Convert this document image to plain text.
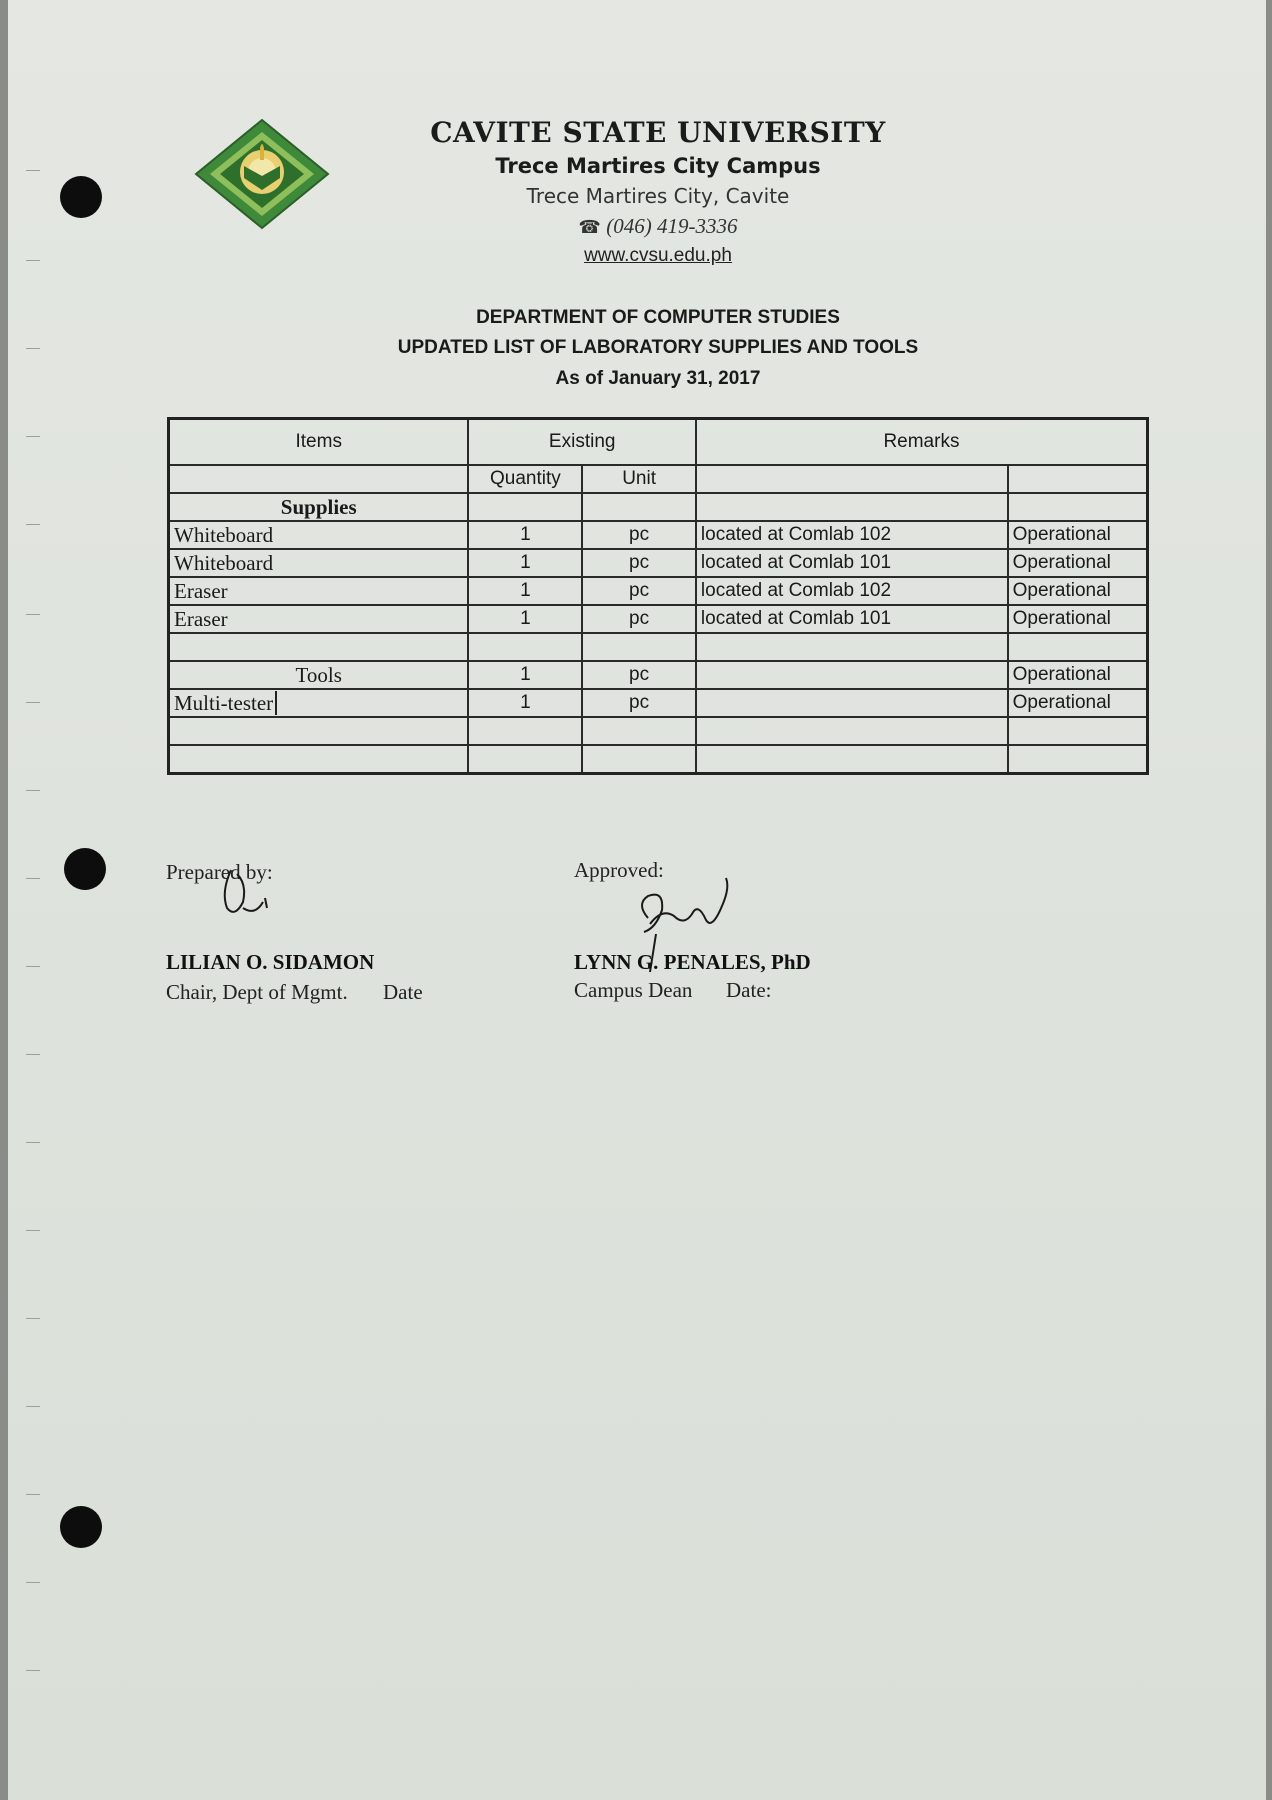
CAVITE STATE UNIVERSITY
Trece Martires City Campus
Trece Martires City, Cavite
☎ (046) 419-3336
www.cvsu.edu.ph
DEPARTMENT OF COMPUTER STUDIES
UPDATED LIST OF LABORATORY SUPPLIES AND TOOLS
As of January 31, 2017
Items	Existing		Remarks	
	Quantity	Unit		
Supplies				
Whiteboard	1	pc	located at Comlab 102	Operational
Whiteboard	1	pc	located at Comlab 101	Operational
Eraser	1	pc	located at Comlab 102	Operational
Eraser	1	pc	located at Comlab 101	Operational

Tools	1	pc		Operational
Multi-tester	1	pc		Operational

Prepared by:
LILIAN O. SIDAMON
Chair, Dept of Mgmt. Date
Approved:
LYNN G. PENALES, PhD
Campus Dean Date:
